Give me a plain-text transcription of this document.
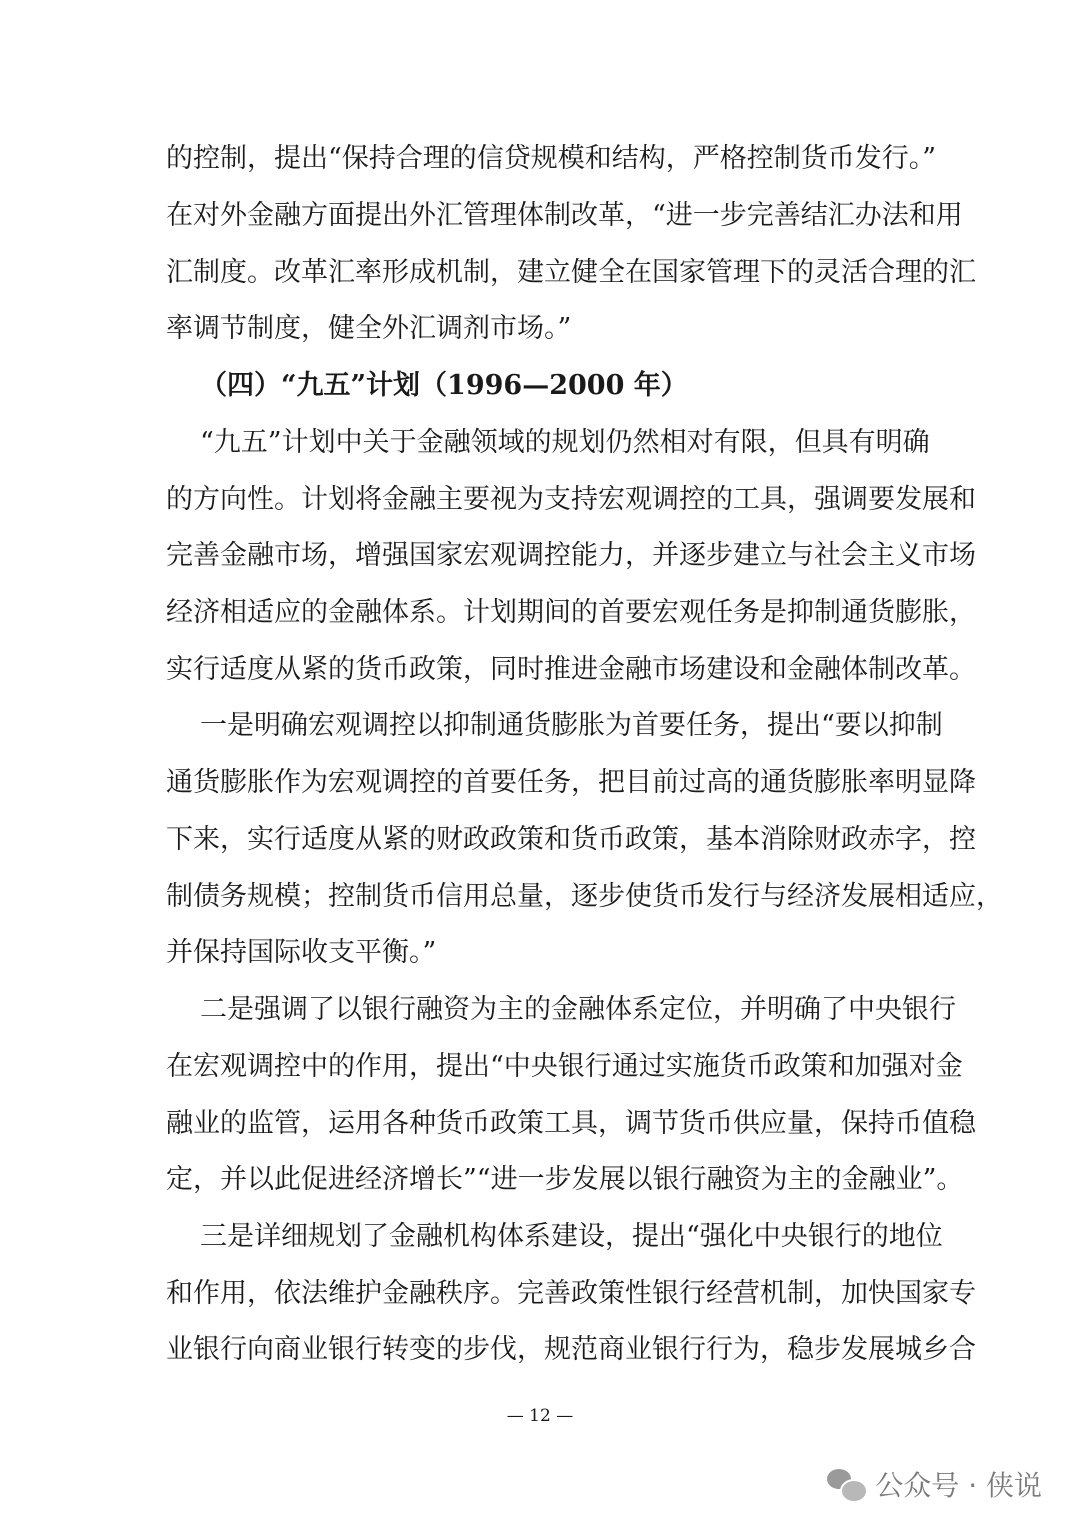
的控制，提出“保持合理的信贷规模和结构，严格控制货币发行。”
在对外金融方面提出外汇管理体制改革，“进一步完善结汇办法和用
汇制度。改革汇率形成机制，建立健全在国家管理下的灵活合理的汇
率调节制度，健全外汇调剂市场。”
（四）“九五”计划（1996—2000 年）
“九五”计划中关于金融领域的规划仍然相对有限，但具有明确
的方向性。计划将金融主要视为支持宏观调控的工具，强调要发展和
完善金融市场，增强国家宏观调控能力，并逐步建立与社会主义市场
经济相适应的金融体系。计划期间的首要宏观任务是抑制通货膨胀，
实行适度从紧的货币政策，同时推进金融市场建设和金融体制改革。
一是明确宏观调控以抑制通货膨胀为首要任务，提出“要以抑制
通货膨胀作为宏观调控的首要任务，把目前过高的通货膨胀率明显降
下来，实行适度从紧的财政政策和货币政策，基本消除财政赤字，控
制债务规模；控制货币信用总量，逐步使货币发行与经济发展相适应，
并保持国际收支平衡。”
二是强调了以银行融资为主的金融体系定位，并明确了中央银行
在宏观调控中的作用，提出“中央银行通过实施货币政策和加强对金
融业的监管，运用各种货币政策工具，调节货币供应量，保持币值稳
定，并以此促进经济增长”“进一步发展以银行融资为主的金融业”。
三是详细规划了金融机构体系建设，提出“强化中央银行的地位
和作用，依法维护金融秩序。完善政策性银行经营机制，加快国家专
业银行向商业银行转变的步伐，规范商业银行行为，稳步发展城乡合
— 12 —
公众号 · 侠说
